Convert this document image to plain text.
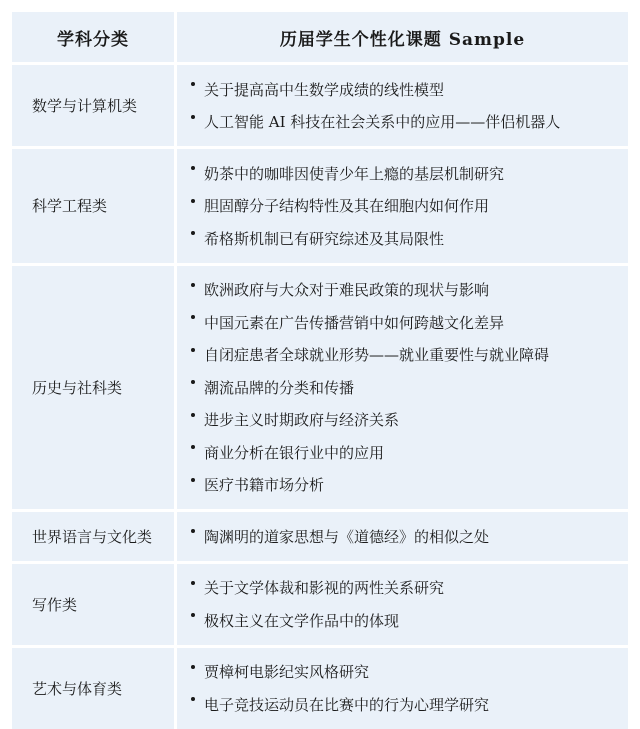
学科分类	历届学生个性化课题 Sample
数学与计算机类
关于提高高中生数学成绩的线性模型
人工智能 AI 科技在社会关系中的应用——伴侣机器人
科学工程类
奶茶中的咖啡因使青少年上瘾的基层机制研究
胆固醇分子结构特性及其在细胞内如何作用
希格斯机制已有研究综述及其局限性
历史与社科类
欧洲政府与大众对于难民政策的现状与影响
中国元素在广告传播营销中如何跨越文化差异
自闭症患者全球就业形势——就业重要性与就业障碍
潮流品牌的分类和传播
进步主义时期政府与经济关系
商业分析在银行业中的应用
医疗书籍市场分析
世界语言与文化类	陶渊明的道家思想与《道德经》的相似之处
写作类
关于文学体裁和影视的两性关系研究
极权主义在文学作品中的体现
艺术与体育类
贾樟柯电影纪实风格研究
电子竞技运动员在比赛中的行为心理学研究
